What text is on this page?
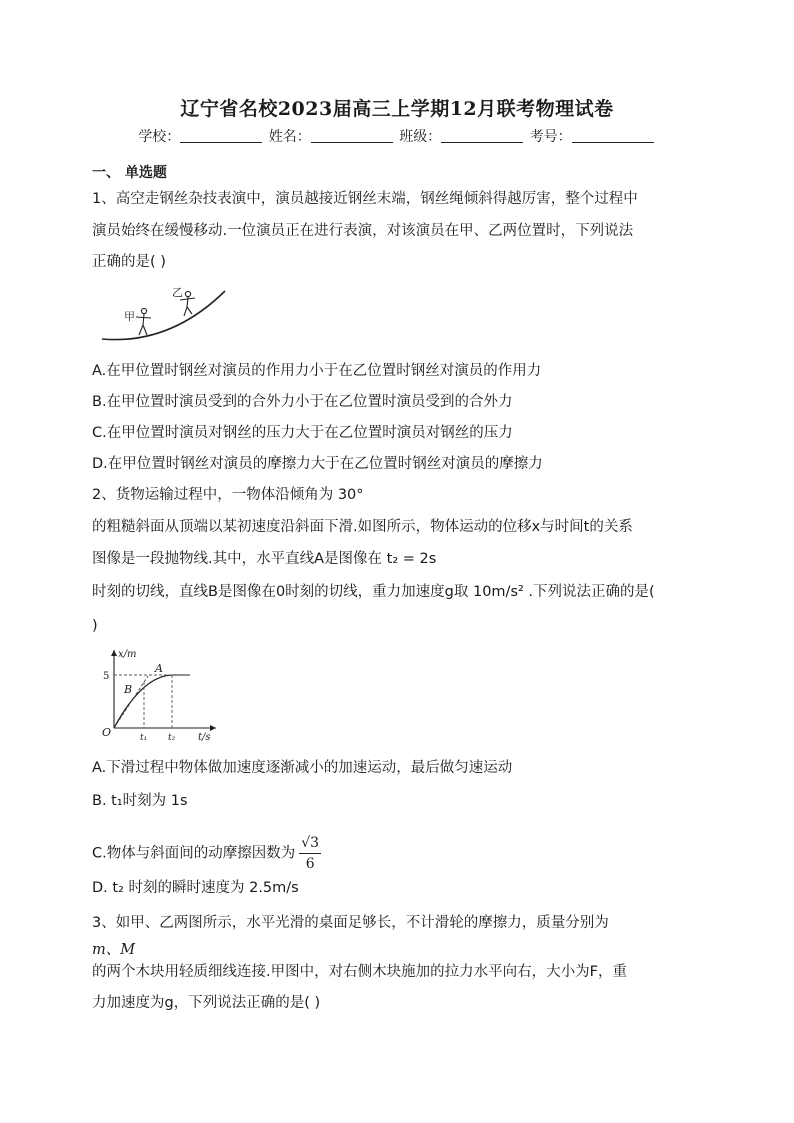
辽宁省名校2023届高三上学期12月联考物理试卷
学校：	姓名：	班级：	考号：
一、 单选题
1、高空走钢丝杂技表演中，演员越接近钢丝末端，钢丝绳倾斜得越厉害，整个过程中
演员始终在缓慢移动.一位演员正在进行表演，对该演员在甲、乙两位置时，下列说法
正确的是( )
甲
乙
A.在甲位置时钢丝对演员的作用力小于在乙位置时钢丝对演员的作用力
B.在甲位置时演员受到的合外力小于在乙位置时演员受到的合外力
C.在甲位置时演员对钢丝的压力大于在乙位置时演员对钢丝的压力
D.在甲位置时钢丝对演员的摩擦力大于在乙位置时钢丝对演员的摩擦力
2、货物运输过程中，一物体沿倾角为 30°
的粗糙斜面从顶端以某初速度沿斜面下滑.如图所示，物体运动的位移x与时间t的关系
图像是一段抛物线.其中，水平直线A是图像在 t₂ = 2s
时刻的切线，直线B是图像在0时刻的切线，重力加速度g取 10m/s² .下列说法正确的是(
)
x/m
t/s
5
O
A
B
t₁ t₂
A.下滑过程中物体做加速度逐渐减小的加速运动，最后做匀速运动
B. t₁时刻为 1s
C.物体与斜面间的动摩擦因数为 $\frac{√3}{6}$
D. t₂ 时刻的瞬时速度为 2.5m/s
3、如甲、乙两图所示，水平光滑的桌面足够长，不计滑轮的摩擦力，质量分别为
m、M
的两个木块用轻质细线连接.甲图中，对右侧木块施加的拉力水平向右，大小为F，重
力加速度为g，下列说法正确的是( )
